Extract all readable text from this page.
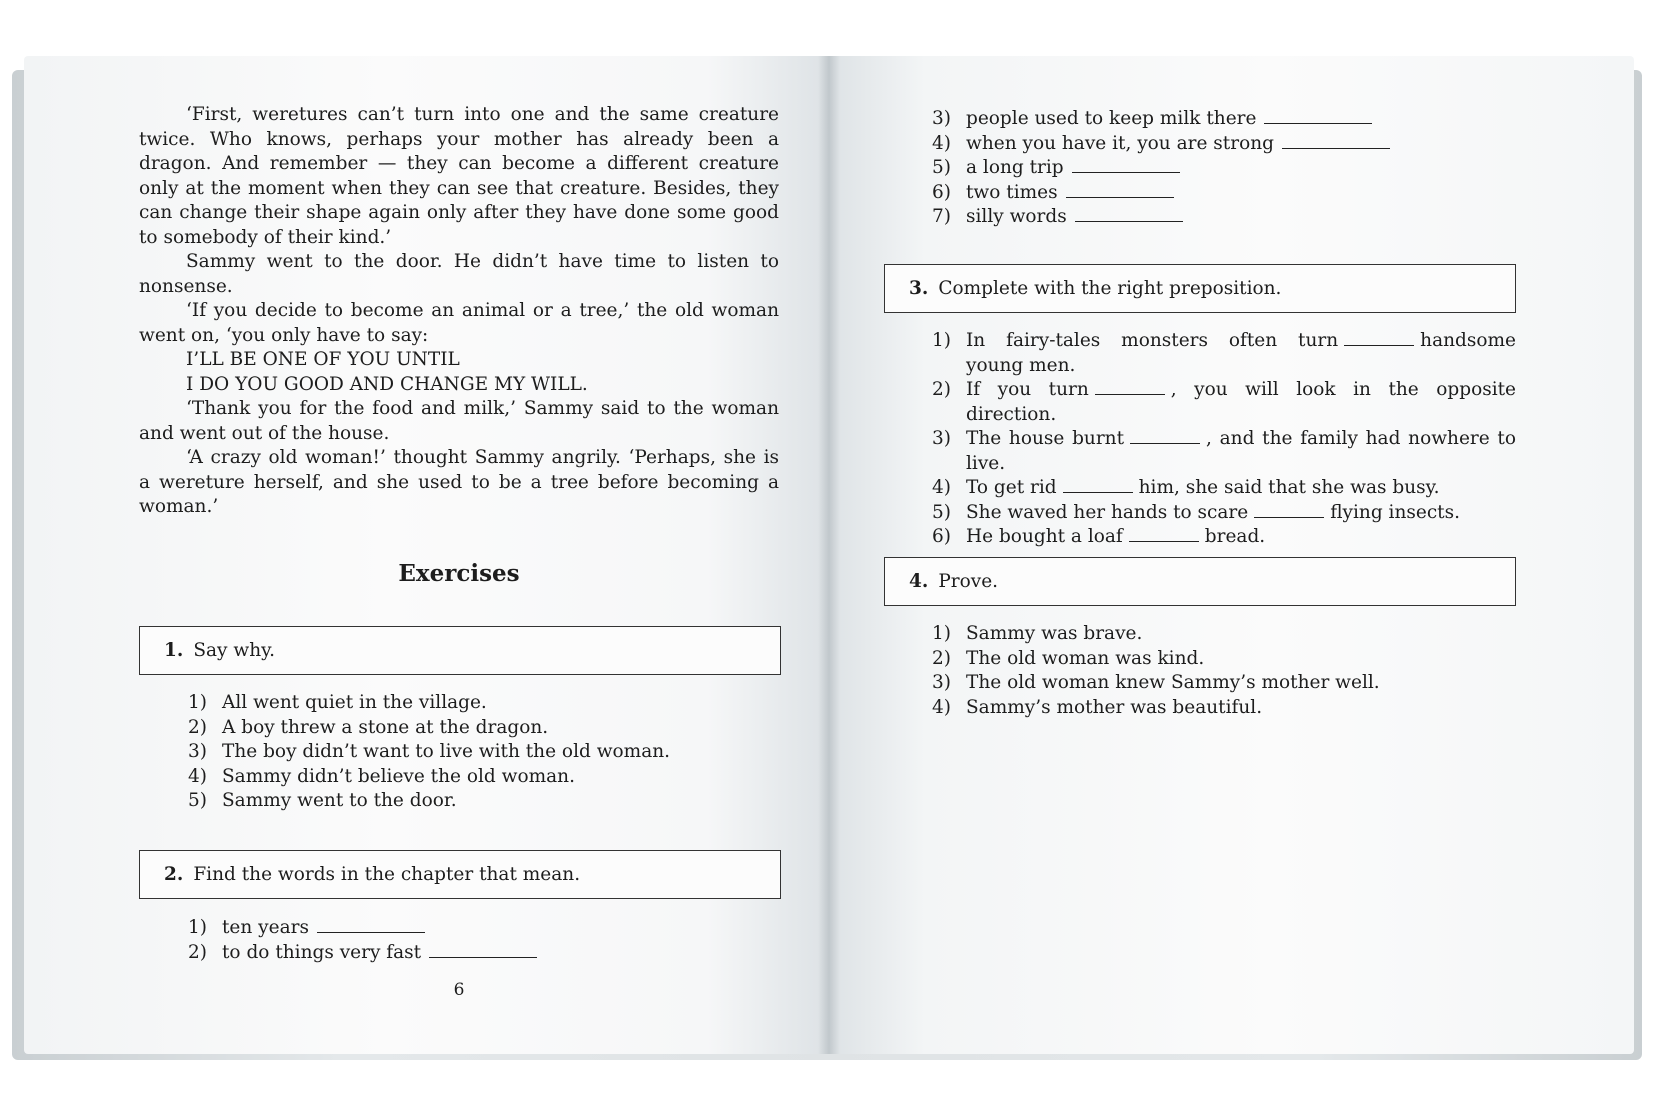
‘First, weretures can’t turn into one and the same creature twice. Who knows, perhaps your mother has already been a dragon. And remember — they can become a different creature only at the moment when they can see that creature. Besides, they can change their shape again only after they have done some good to somebody of their kind.’

Sammy went to the door. He didn’t have time to listen to nonsense.

‘If you decide to become an animal or a tree,’ the old woman went on, ‘you only have to say:

I’LL BE ONE OF YOU UNTIL

I DO YOU GOOD AND CHANGE MY WILL.

‘Thank you for the food and milk,’ Sammy said to the woman and went out of the house.

‘A crazy old woman!’ thought Sammy angrily. ‘Perhaps, she is a wereture herself, and she used to be a tree before becoming a woman.’

Exercises
1. Say why.
1) All went quiet in the village.
2) A boy threw a stone at the dragon.
3) The boy didn’t want to live with the old woman.
4) Sammy didn’t believe the old woman.
5) Sammy went to the door.
2. Find the words in the chapter that mean.
1) ten years
2) to do things very fast
6
3) people used to keep milk there
4) when you have it, you are strong
5) a long trip
6) two times
7) silly words
3. Complete with the right preposition.
1) In fairy-tales monsters often turn	handsome young men.
2) If you turn	, you will look in the opposite direction.
3) The house burnt	, and the family had nowhere to live.
4) To get rid	him, she said that she was busy.
5) She waved her hands to scare	flying insects.
6) He bought a loaf	bread.
4. Prove.
1) Sammy was brave.
2) The old woman was kind.
3) The old woman knew Sammy’s mother well.
4) Sammy’s mother was beautiful.
